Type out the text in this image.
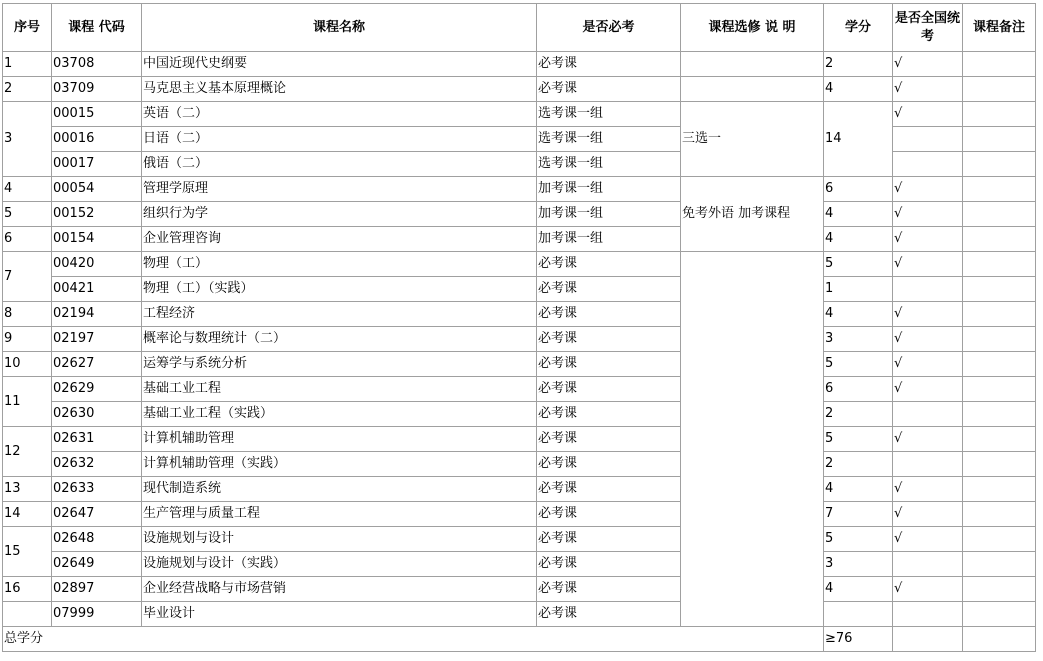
序号	课程 代码	课程名称	是否必考	课程选修 说 明	学分	是否全国统考	课程备注
1	03708	中国近现代史纲要	必考课		2	√	
2	03709	马克思主义基本原理概论	必考课		4	√	
3	00015	英语（二）	选考课一组	三选一	14	√	
	00016	日语（二）	选考课一组				
	00017	俄语（二）	选考课一组				
4	00054	管理学原理	加考课一组	免考外语 加考课程	6	√	
5	00152	组织行为学	加考课一组		4	√	
6	00154	企业管理咨询	加考课一组		4	√	
7	00420	物理（工）	必考课		5	√	
	00421	物理（工）（实践）	必考课		1		
8	02194	工程经济	必考课		4	√	
9	02197	概率论与数理统计（二）	必考课		3	√	
10	02627	运筹学与系统分析	必考课		5	√	
11	02629	基础工业工程	必考课		6	√	
	02630	基础工业工程（实践）	必考课		2		
12	02631	计算机辅助管理	必考课		5	√	
	02632	计算机辅助管理（实践）	必考课		2		
13	02633	现代制造系统	必考课		4	√	
14	02647	生产管理与质量工程	必考课		7	√	
15	02648	设施规划与设计	必考课		5	√	
	02649	设施规划与设计（实践）	必考课		3		
16	02897	企业经营战略与市场营销	必考课		4	√	
	07999	毕业设计	必考课				
总学分					≥76		
